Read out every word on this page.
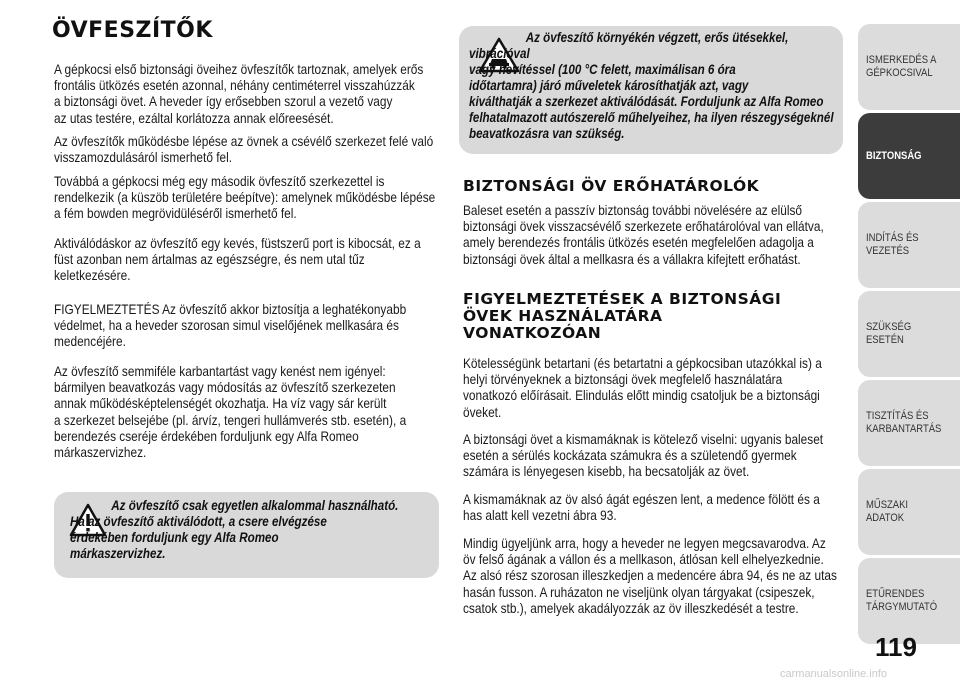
ÖVFESZÍTŐK

A gépkocsi első biztonsági öveihez övfeszítők tartoznak, amelyek erős
frontális ütközés esetén azonnal, néhány centiméterrel visszahúzzák
a biztonsági övet. A heveder így erősebben szorul a vezető vagy
az utas testére, ezáltal korlátozza annak előreesését.

Az övfeszítők működésbe lépése az övnek a csévélő szerkezet felé való
visszamozdulásáról ismerhető fel.

Továbbá a gépkocsi még egy második övfeszítő szerkezettel is
rendelkezik (a küszöb területére beépítve): amelynek működésbe lépése
a fém bowden megrövidüléséről ismerhető fel.

Aktiválódáskor az övfeszítő egy kevés, füstszerű port is kibocsát, ez a
füst azonban nem ártalmas az egészségre, és nem utal tűz
keletkezésére.

FIGYELMEZTETÉS Az övfeszítő akkor biztosítja a leghatékonyabb
védelmet, ha a heveder szorosan simul viselőjének mellkasára és
medencéjére.

Az övfeszítő semmiféle karbantartást vagy kenést nem igényel:
bármilyen beavatkozás vagy módosítás az övfeszítő szerkezeten
annak működésképtelenségét okozhatja. Ha víz vagy sár került
a szerkezet belsejébe (pl. árvíz, tengeri hullámverés stb. esetén), a
berendezés cseréje érdekében forduljunk egy Alfa Romeo
márkaszervizhez.

Az övfeszítő csak egyetlen alkalommal használható.
Ha az övfeszítő aktiválódott, a csere elvégzése
érdekében forduljunk egy Alfa Romeo
márkaszervizhez.

Az övfeszítő környékén végzett, erős ütésekkel, vibrációval
vagy hevítéssel (100 °C felett, maximálisan 6 óra
időtartamra) járó műveletek károsíthatják azt, vagy
kiválthatják a szerkezet aktiválódását. Forduljunk az Alfa Romeo
felhatalmazott autószerelő műhelyeihez, ha ilyen részegységeknél
beavatkozásra van szükség.

BIZTONSÁGI ÖV ERŐHATÁROLÓK

Baleset esetén a passzív biztonság további növelésére az elülső
biztonsági övek visszacsévélő szerkezete erőhatárolóval van ellátva,
amely berendezés frontális ütközés esetén megfelelően adagolja a
biztonsági övek által a mellkasra és a vállakra kifejtett erőhatást.

FIGYELMEZTETÉSEK A BIZTONSÁGI
ÖVEK HASZNÁLATÁRA
VONATKOZÓAN

Kötelességünk betartani (és betartatni a gépkocsiban utazókkal is) a
helyi törvényeknek a biztonsági övek megfelelő használatára
vonatkozó előírásait. Elindulás előtt mindig csatoljuk be a biztonsági
öveket.

A biztonsági övet a kismamáknak is kötelező viselni: ugyanis baleset
esetén a sérülés kockázata számukra és a születendő gyermek
számára is lényegesen kisebb, ha becsatolják az övet.

A kismamáknak az öv alsó ágát egészen lent, a medence fölött és a
has alatt kell vezetni ábra 93.

Mindig ügyeljünk arra, hogy a heveder ne legyen megcsavarodva. Az
öv felső ágának a vállon és a mellkason, átlósan kell elhelyezkednie.
Az alsó rész szorosan illeszkedjen a medencére ábra 94, és ne az utas
hasán fusson. A ruházaton ne viseljünk olyan tárgyakat (csipeszek,
csatok stb.), amelyek akadályozzák az öv illeszkedését a testre.

ISMERKEDÉS A
GÉPKOCSIVAL
BIZTONSÁG
INDÍTÁS ÉS VEZETÉS
SZÜKSÉG ESETÉN
TISZTÍTÁS ÉS
KARBANTARTÁS
MŰSZAKI ADATOK
ETŰRENDES
TÁRGYMUTATÓ
119
carmanualsonline.info
